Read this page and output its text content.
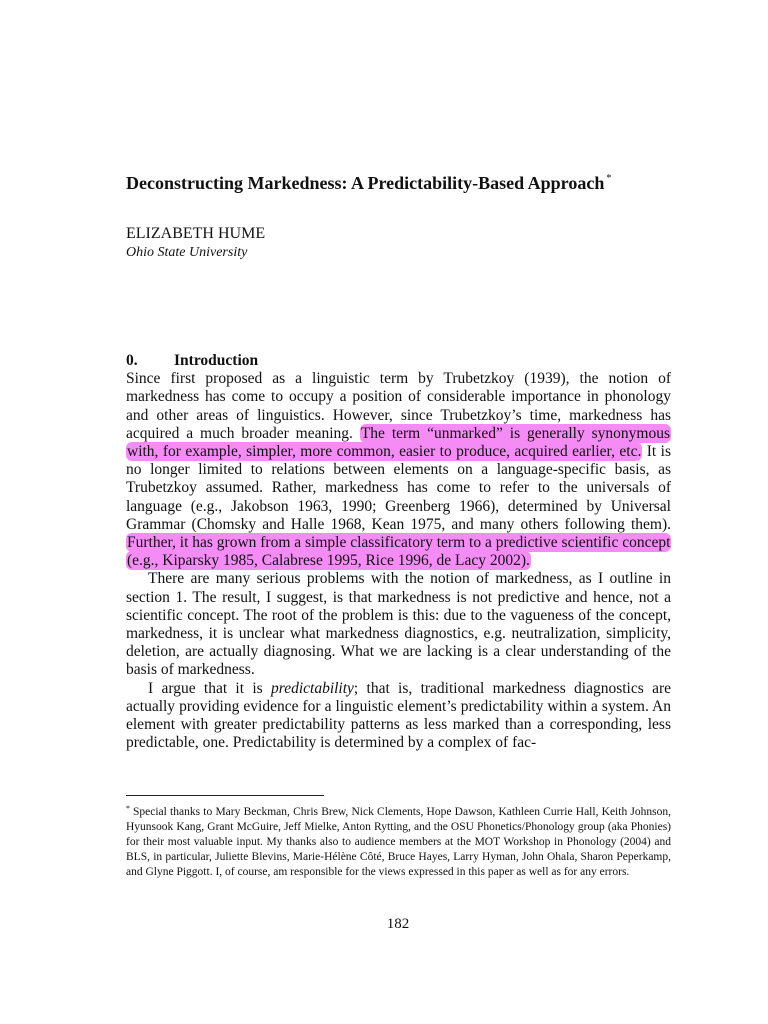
Deconstructing Markedness: A Predictability-Based Approach *
ELIZABETH HUME
Ohio State University

0. Introduction

Since first proposed as a linguistic term by Trubetzkoy (1939), the notion of markedness has come to occupy a position of considerable importance in phonology and other areas of linguistics. However, since Trubetzkoy’s time, markedness has acquired a much broader meaning. The term “unmarked” is generally synonymous with, for example, simpler, more common, easier to produce, acquired earlier, etc. It is no longer limited to relations between elements on a language-specific basis, as Trubetzkoy assumed. Rather, markedness has come to refer to the universals of language (e.g., Jakobson 1963, 1990; Greenberg 1966), determined by Universal Grammar (Chomsky and Halle 1968, Kean 1975, and many others following them). Further, it has grown from a simple classificatory term to a predictive scientific concept (e.g., Kiparsky 1985, Calabrese 1995, Rice 1996, de Lacy 2002).

There are many serious problems with the notion of markedness, as I outline in section 1. The result, I suggest, is that markedness is not predictive and hence, not a scientific concept. The root of the problem is this: due to the vagueness of the concept, markedness, it is unclear what markedness diagnostics, e.g. neutralization, simplicity, deletion, are actually diagnosing. What we are lacking is a clear understanding of the basis of markedness.

I argue that it is predictability; that is, traditional markedness diagnostics are actually providing evidence for a linguistic element’s predictability within a system. An element with greater predictability patterns as less marked than a corresponding, less predictable, one. Predictability is determined by a complex of fac-

* Special thanks to Mary Beckman, Chris Brew, Nick Clements, Hope Dawson, Kathleen Currie Hall, Keith Johnson, Hyunsook Kang, Grant McGuire, Jeff Mielke, Anton Rytting, and the OSU Phonetics/Phonology group (aka Phonies) for their most valuable input. My thanks also to audience members at the MOT Workshop in Phonology (2004) and BLS, in particular, Juliette Blevins, Marie-Hélène Côté, Bruce Hayes, Larry Hyman, John Ohala, Sharon Peperkamp, and Glyne Piggott. I, of course, am responsible for the views expressed in this paper as well as for any errors.

182
